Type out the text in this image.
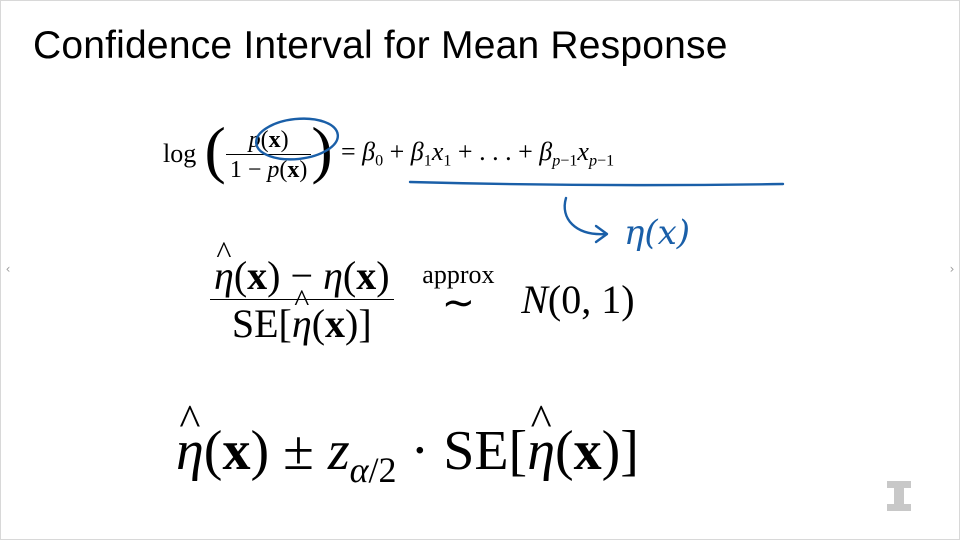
‹	›
Confidence Interval for Mean Response
log ( $\frac{p(x)}{1 - p(x)}$ ) = $\beta_0 + \beta_1x_1$ + . . . + $\beta_{p-1}x_{p-1}$
^ $\frac{\eta(x) - \eta(x)}{SE[\^{} \eta(x)]}$
approx
∼	N(0, 1)
^ $\eta(x) \pm z_{\alpha/2}$ · SE[^ η(x)]
η(x)
